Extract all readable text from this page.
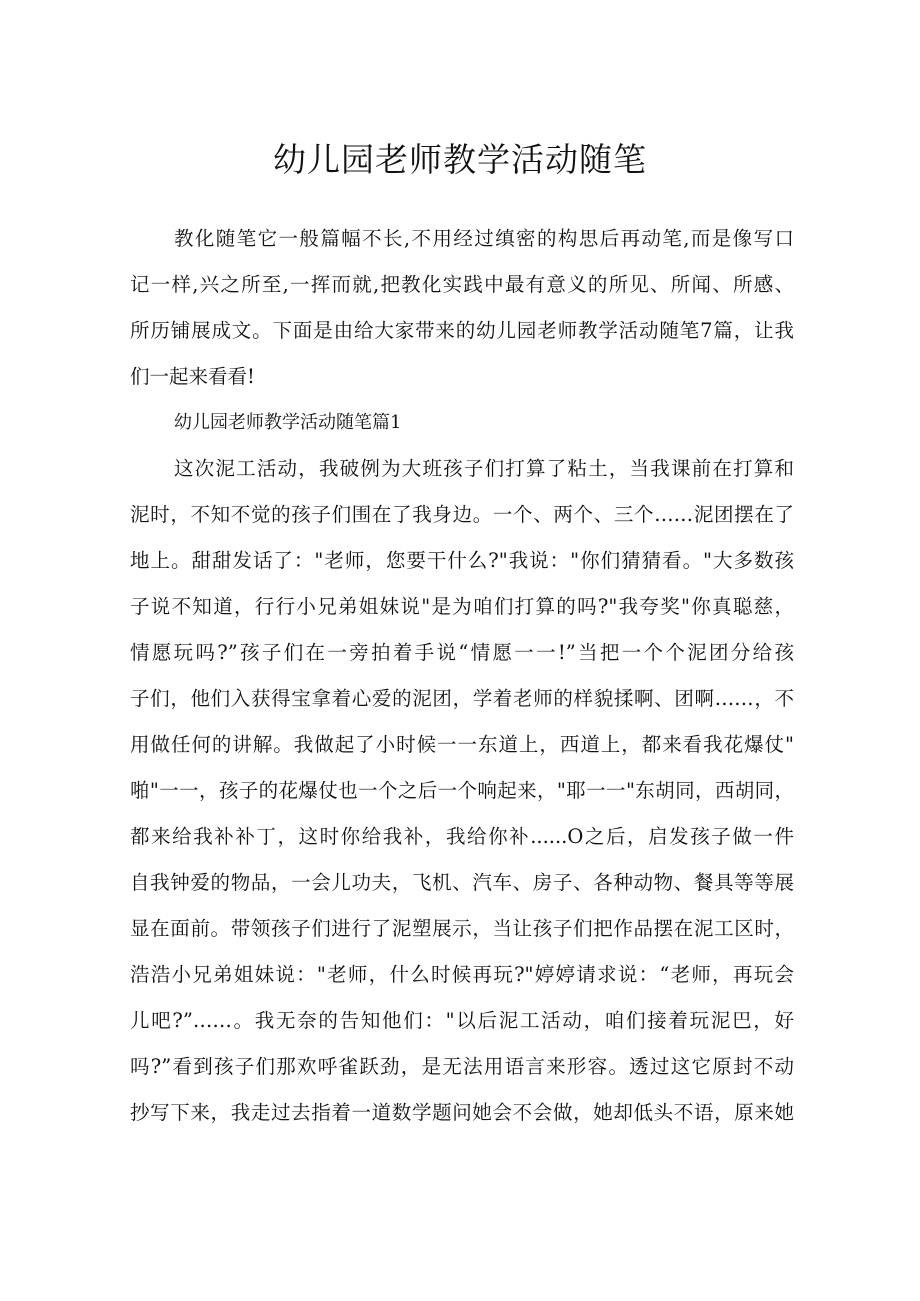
幼儿园老师教学活动随笔
教化随笔它一般篇幅不长,不用经过缜密的构思后再动笔,而是像写口
记一样,兴之所至,一挥而就,把教化实践中最有意义的所见、所闻、所感、
所历铺展成文。下面是由给大家带来的幼儿园老师教学活动随笔7篇，让我
们一起来看看!
幼儿园老师教学活动随笔篇1
这次泥工活动，我破例为大班孩子们打算了粘土，当我课前在打算和
泥时，不知不觉的孩子们围在了我身边。一个、两个、三个……泥团摆在了
地上。甜甜发话了："老师，您要干什么?"我说："你们猜猜看。"大多数孩
子说不知道，行行小兄弟姐妹说"是为咱们打算的吗?"我夸奖"你真聪慈，
情愿玩吗?”孩子们在一旁拍着手说“情愿一一!”当把一个个泥团分给孩
子们，他们入获得宝拿着心爱的泥团，学着老师的样貌揉啊、团啊……，不
用做任何的讲解。我做起了小时候一一东道上，西道上，都来看我花爆仗"
啪"一一，孩子的花爆仗也一个之后一个响起来，"耶一一"东胡同，西胡同，
都来给我补补丁，这时你给我补，我给你补......O之后，启发孩子做一件
自我钟爱的物品，一会儿功夫，飞机、汽车、房子、各种动物、餐具等等展
显在面前。带领孩子们进行了泥塑展示，当让孩子们把作品摆在泥工区时，
浩浩小兄弟姐妹说："老师，什么时候再玩?"婷婷请求说：“老师，再玩会
儿吧?”……。我无奈的告知他们："以后泥工活动，咱们接着玩泥巴，好
吗?”看到孩子们那欢呼雀跃劲，是无法用语言来形容。透过这它原封不动
抄写下来，我走过去指着一道数学题问她会不会做，她却低头不语，原来她
